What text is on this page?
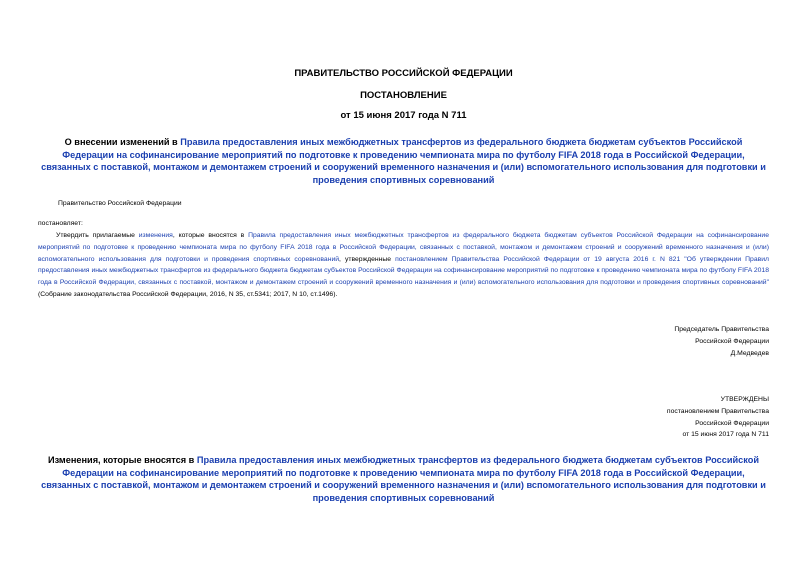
ПРАВИТЕЛЬСТВО РОССИЙСКОЙ ФЕДЕРАЦИИ
ПОСТАНОВЛЕНИЕ
от 15 июня 2017 года N 711
О внесении изменений в Правила предоставления иных межбюджетных трансфертов из федерального бюджета бюджетам субъектов Российской Федерации на софинансирование мероприятий по подготовке к проведению чемпионата мира по футболу FIFA 2018 года в Российской Федерации, связанных с поставкой, монтажом и демонтажем строений и сооружений временного назначения и (или) вспомогательного использования для подготовки и проведения спортивных соревнований
Правительство Российской Федерации
постановляет:
Утвердить прилагаемые изменения, которые вносятся в Правила предоставления иных межбюджетных трансфертов из федерального бюджета бюджетам субъектов Российской Федерации на софинансирование мероприятий по подготовке к проведению чемпионата мира по футболу FIFA 2018 года в Российской Федерации, связанных с поставкой, монтажом и демонтажем строений и сооружений временного назначения и (или) вспомогательного использования для подготовки и проведения спортивных соревнований, утвержденные постановлением Правительства Российской Федерации от 19 августа 2016 г. N 821 "Об утверждении Правил предоставления иных межбюджетных трансфертов из федерального бюджета бюджетам субъектов Российской Федерации на софинансирование мероприятий по подготовке к проведению чемпионата мира по футболу FIFA 2018 года в Российской Федерации, связанных с поставкой, монтажом и демонтажем строений и сооружений временного назначения и (или) вспомогательного использования для подготовки и проведения спортивных соревнований" (Собрание законодательства Российской Федерации, 2016, N 35, ст.5341; 2017, N 10, ст.1496).
Председатель Правительства
Российской Федерации
Д.Медведев
УТВЕРЖДЕНЫ
постановлением Правительства
Российской Федерации
от 15 июня 2017 года N 711
Изменения, которые вносятся в Правила предоставления иных межбюджетных трансфертов из федерального бюджета бюджетам субъектов Российской Федерации на софинансирование мероприятий по подготовке к проведению чемпионата мира по футболу FIFA 2018 года в Российской Федерации, связанных с поставкой, монтажом и демонтажем строений и сооружений временного назначения и (или) вспомогательного использования для подготовки и проведения спортивных соревнований
